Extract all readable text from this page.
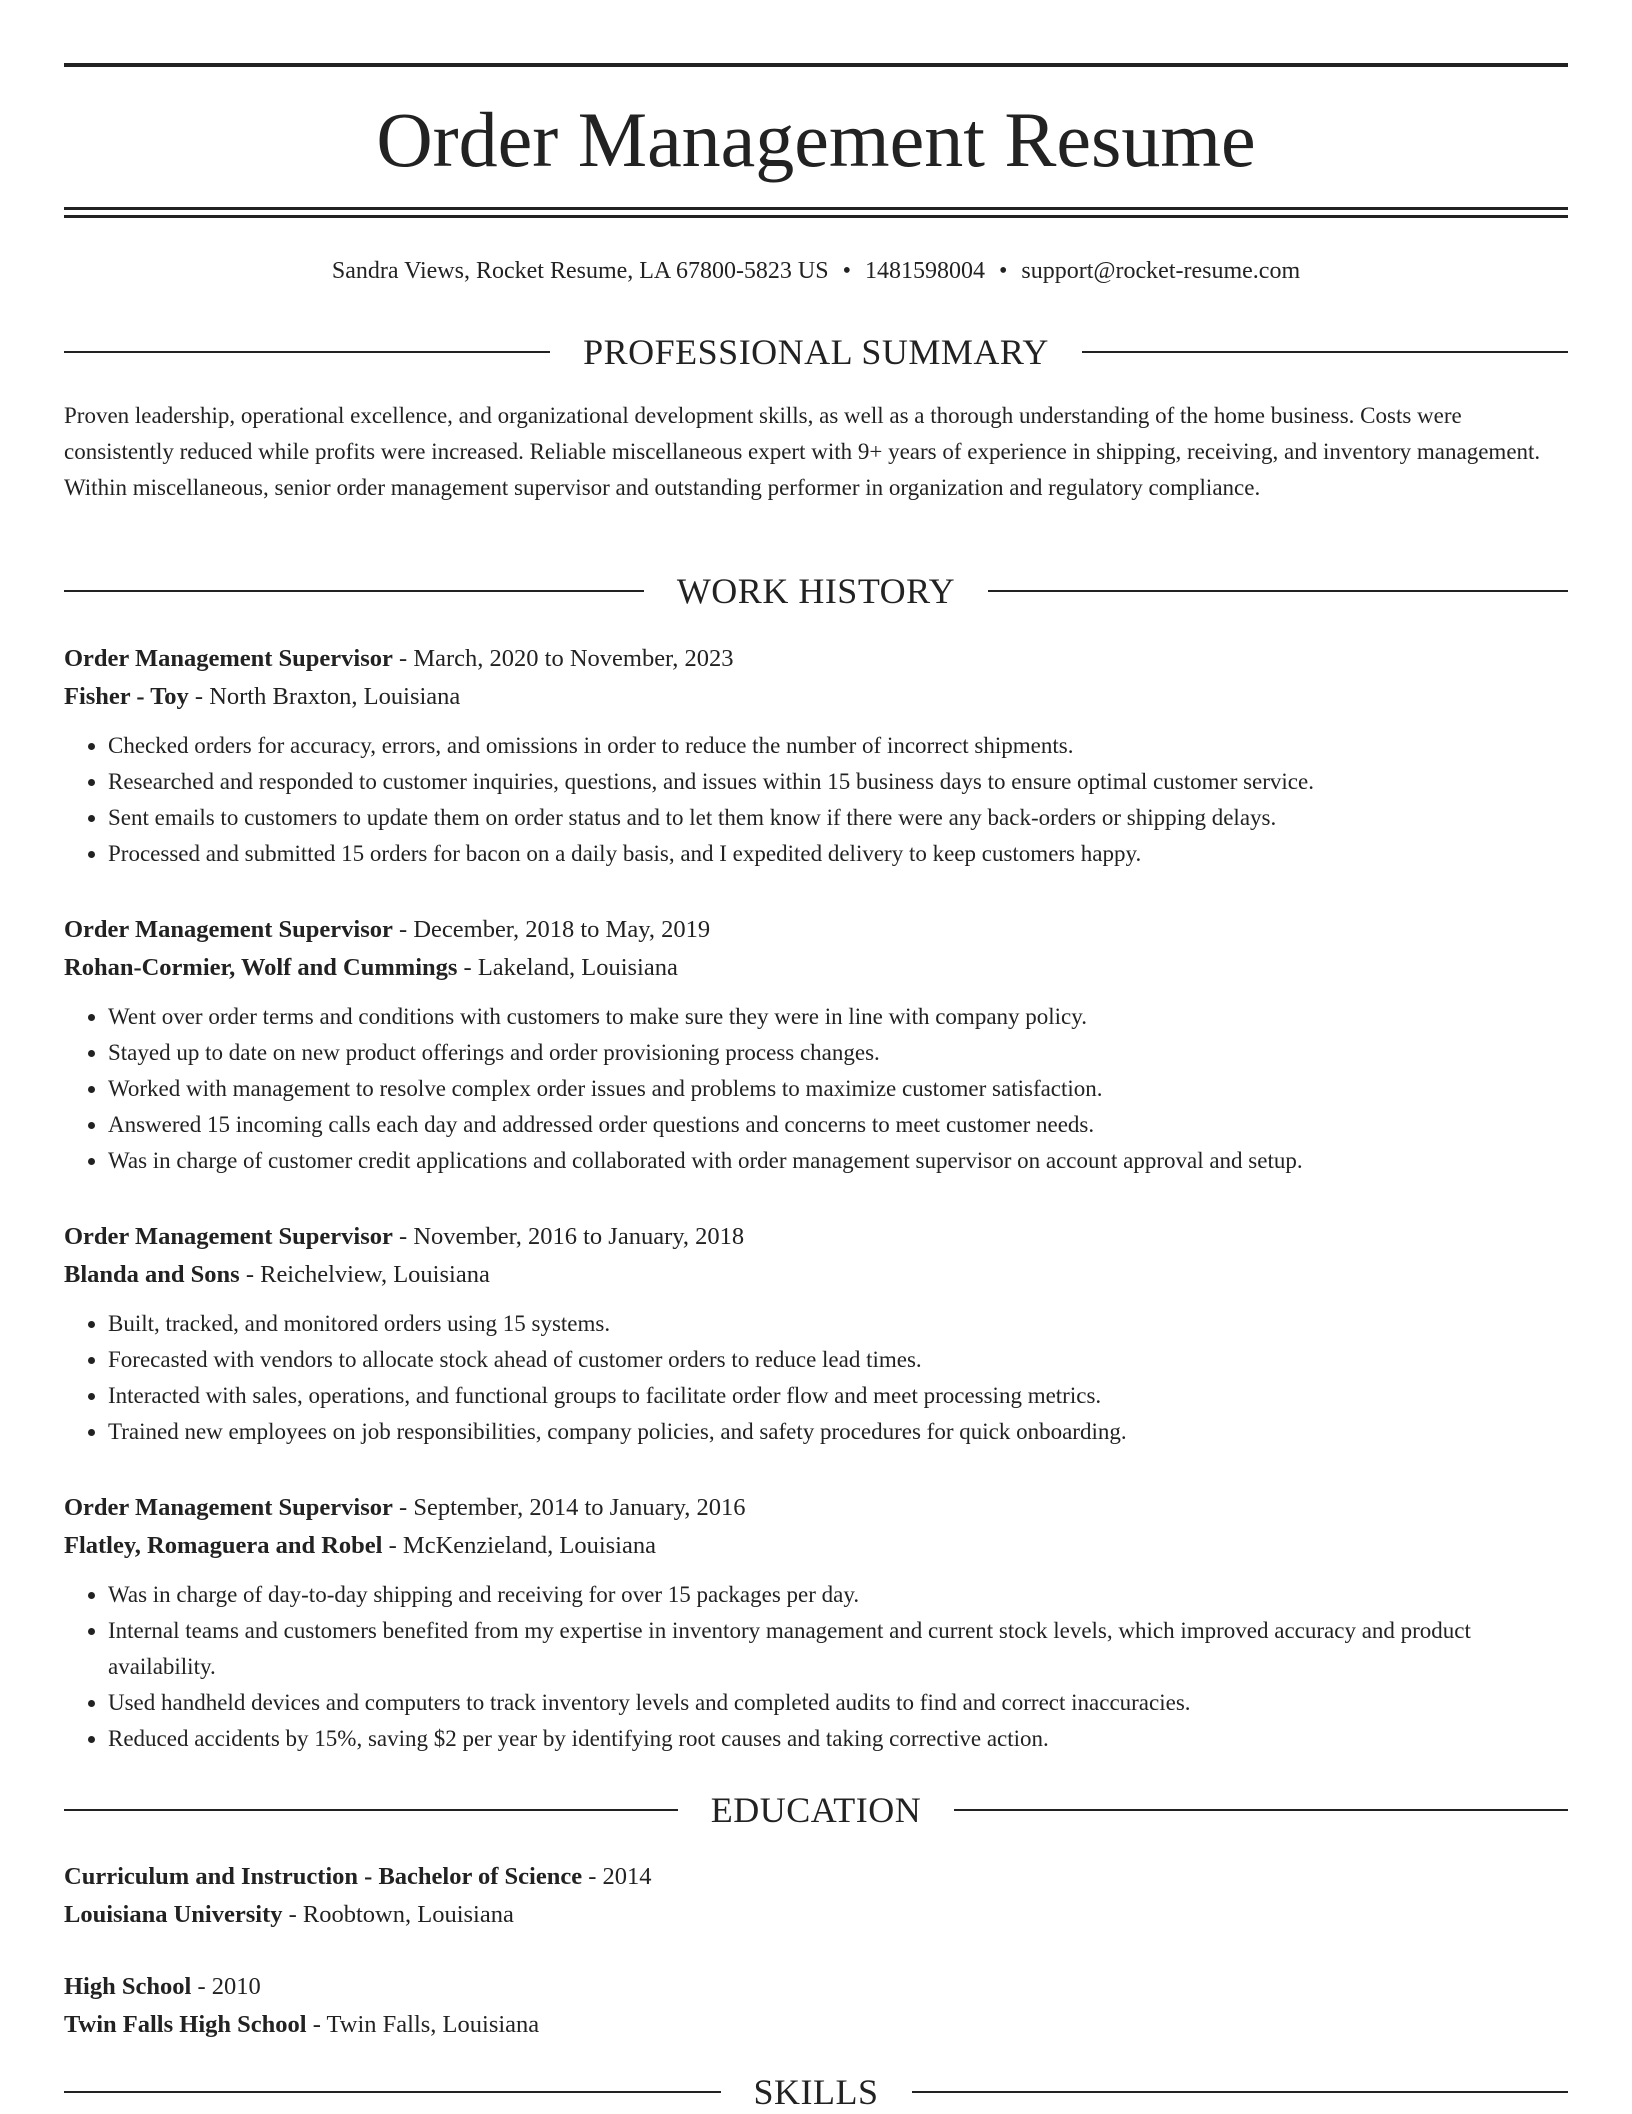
Order Management Resume
Sandra Views, Rocket Resume, LA 67800-5823 US • 1481598004 • support@rocket-resume.com
PROFESSIONAL SUMMARY

Proven leadership, operational excellence, and organizational development skills, as well as a thorough understanding of the home business. Costs were consistently reduced while profits were increased. Reliable miscellaneous expert with 9+ years of experience in shipping, receiving, and inventory management. Within miscellaneous, senior order management supervisor and outstanding performer in organization and regulatory compliance.

WORK HISTORY
Order Management Supervisor - March, 2020 to November, 2023
Fisher - Toy - North Braxton, Louisiana
• Checked orders for accuracy, errors, and omissions in order to reduce the number of incorrect shipments.
• Researched and responded to customer inquiries, questions, and issues within 15 business days to ensure optimal customer service.
• Sent emails to customers to update them on order status and to let them know if there were any back-orders or shipping delays.
• Processed and submitted 15 orders for bacon on a daily basis, and I expedited delivery to keep customers happy.
Order Management Supervisor - December, 2018 to May, 2019
Rohan-Cormier, Wolf and Cummings - Lakeland, Louisiana
• Went over order terms and conditions with customers to make sure they were in line with company policy.
• Stayed up to date on new product offerings and order provisioning process changes.
• Worked with management to resolve complex order issues and problems to maximize customer satisfaction.
• Answered 15 incoming calls each day and addressed order questions and concerns to meet customer needs.
• Was in charge of customer credit applications and collaborated with order management supervisor on account approval and setup.
Order Management Supervisor - November, 2016 to January, 2018
Blanda and Sons - Reichelview, Louisiana
• Built, tracked, and monitored orders using 15 systems.
• Forecasted with vendors to allocate stock ahead of customer orders to reduce lead times.
• Interacted with sales, operations, and functional groups to facilitate order flow and meet processing metrics.
• Trained new employees on job responsibilities, company policies, and safety procedures for quick onboarding.
Order Management Supervisor - September, 2014 to January, 2016
Flatley, Romaguera and Robel - McKenzieland, Louisiana
• Was in charge of day-to-day shipping and receiving for over 15 packages per day.
• Internal teams and customers benefited from my expertise in inventory management and current stock levels, which improved accuracy and product availability.
• Used handheld devices and computers to track inventory levels and completed audits to find and correct inaccuracies.
• Reduced accidents by 15%, saving $2 per year by identifying root causes and taking corrective action.
EDUCATION
Curriculum and Instruction - Bachelor of Science - 2014
Louisiana University - Roobtown, Louisiana
High School - 2010
Twin Falls High School - Twin Falls, Louisiana
SKILLS
